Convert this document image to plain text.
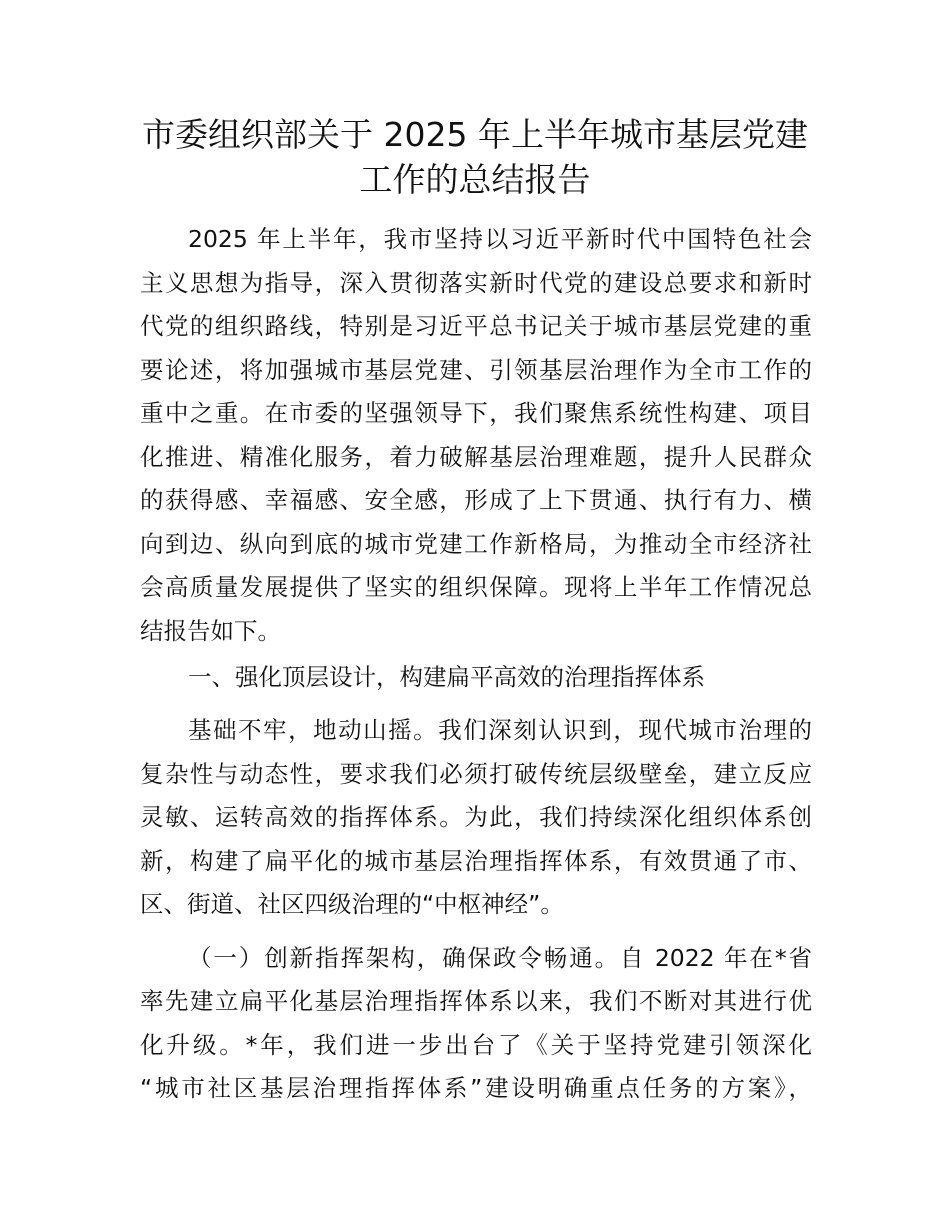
市委组织部关于 2025 年上半年城市基层党建
工作的总结报告
2025 年上半年，我市坚持以习近平新时代中国特色社会
主义思想为指导，深入贯彻落实新时代党的建设总要求和新时
代党的组织路线，特别是习近平总书记关于城市基层党建的重
要论述，将加强城市基层党建、引领基层治理作为全市工作的
重中之重。在市委的坚强领导下，我们聚焦系统性构建、项目
化推进、精准化服务，着力破解基层治理难题，提升人民群众
的获得感、幸福感、安全感，形成了上下贯通、执行有力、横
向到边、纵向到底的城市党建工作新格局，为推动全市经济社
会高质量发展提供了坚实的组织保障。现将上半年工作情况总
结报告如下。
一、强化顶层设计，构建扁平高效的治理指挥体系
基础不牢，地动山摇。我们深刻认识到，现代城市治理的
复杂性与动态性，要求我们必须打破传统层级壁垒，建立反应
灵敏、运转高效的指挥体系。为此，我们持续深化组织体系创
新，构建了扁平化的城市基层治理指挥体系，有效贯通了市、
区、街道、社区四级治理的“中枢神经”。
（一）创新指挥架构，确保政令畅通。自 2022 年在*省
率先建立扁平化基层治理指挥体系以来，我们不断对其进行优
化升级。*年，我们进一步出台了《关于坚持党建引领深化
“城市社区基层治理指挥体系”建设明确重点任务的方案》，
